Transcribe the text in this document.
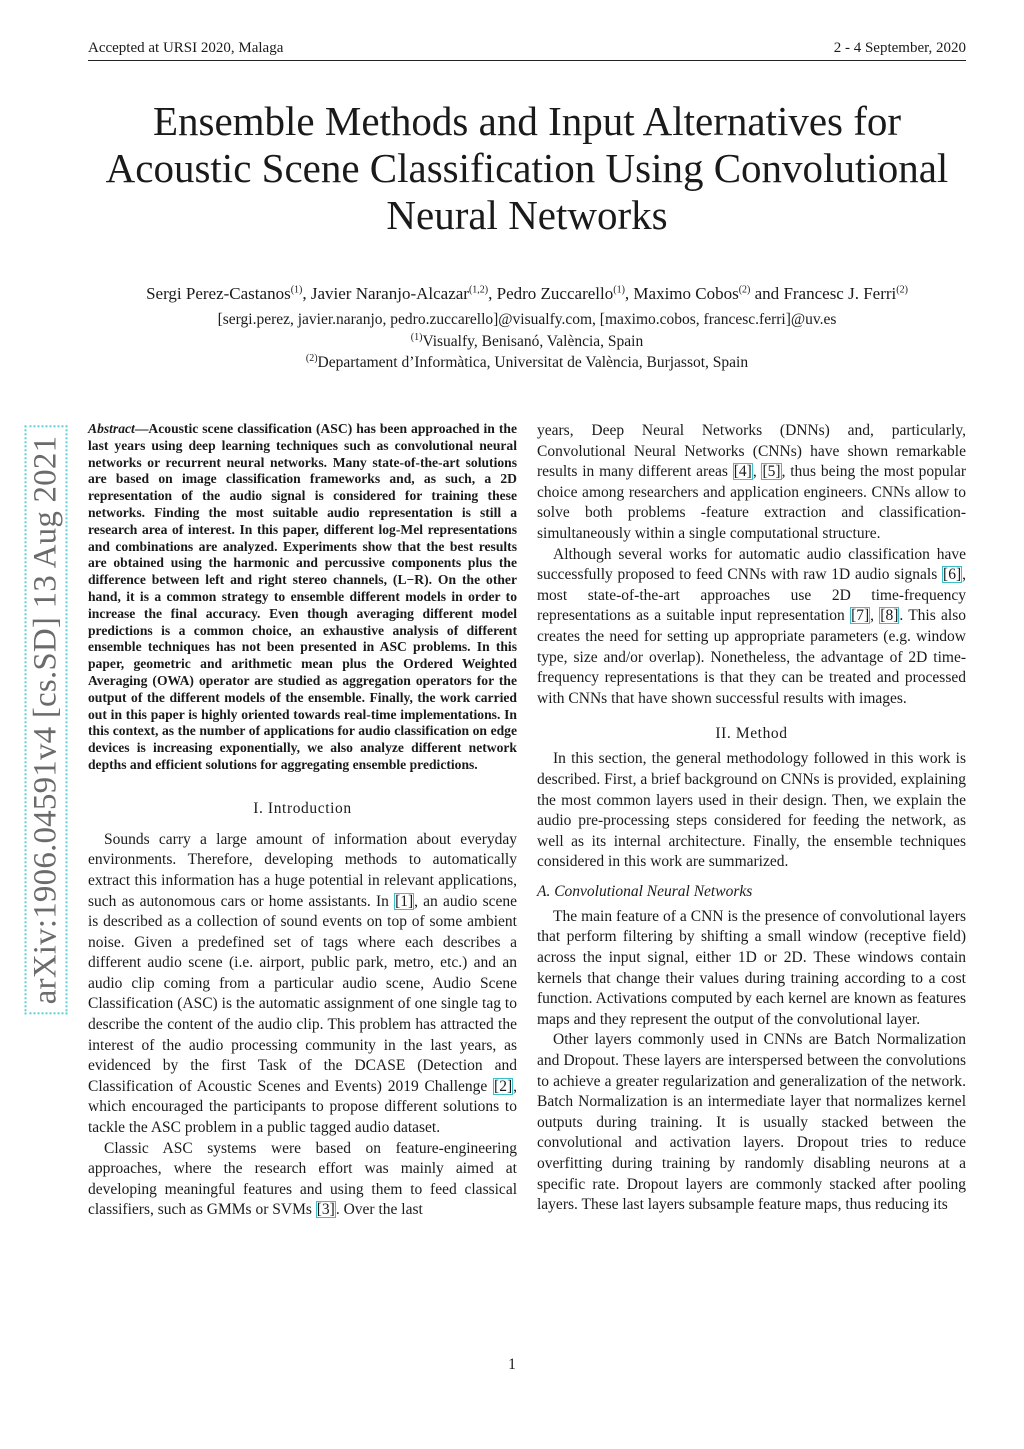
Accepted at URSI 2020, Malaga	2 - 4 September, 2020
Ensemble Methods and Input Alternatives for
Acoustic Scene Classification Using Convolutional
Neural Networks
Sergi Perez-Castanos$^{(1)}$, Javier Naranjo-Alcazar$^{(1,2)}$, Pedro Zuccarello$^{(1)}$, Maximo Cobos$^{(2)}$ and Francesc J. Ferri$^{(2)}$
[sergi.perez, javier.naranjo, pedro.zuccarello]@visualfy.com, [maximo.cobos, francesc.ferri]@uv.es
$^{(1)}$Visualfy, Benisanó, València, Spain
$^{(2)}$Departament d’Informàtica, Universitat de València, Burjassot, Spain
arXiv:1906.04591v4 [cs.SD] 13 Aug 2021
Abstract—Acoustic scene classification (ASC) has been approached in the last years using deep learning techniques such as convolutional neural networks or recurrent neural networks. Many state-of-the-art solutions are based on image classification frameworks and, as such, a 2D representation of the audio signal is considered for training these networks. Finding the most suitable audio representation is still a research area of interest. In this paper, different log-Mel representations and combinations are analyzed. Experiments show that the best results are obtained using the harmonic and percussive components plus the difference between left and right stereo channels, (L−R). On the other hand, it is a common strategy to ensemble different models in order to increase the final accuracy. Even though averaging different model predictions is a common choice, an exhaustive analysis of different ensemble techniques has not been presented in ASC problems. In this paper, geometric and arithmetic mean plus the Ordered Weighted Averaging (OWA) operator are studied as aggregation operators for the output of the different models of the ensemble. Finally, the work carried out in this paper is highly oriented towards real-time implementations. In this context, as the number of applications for audio classification on edge devices is increasing exponentially, we also analyze different network depths and efficient solutions for aggregating ensemble predictions.
I. Introduction

Sounds carry a large amount of information about everyday environments. Therefore, developing methods to automatically extract this information has a huge potential in relevant applications, such as autonomous cars or home assistants. In [1], an audio scene is described as a collection of sound events on top of some ambient noise. Given a predefined set of tags where each describes a different audio scene (i.e. airport, public park, metro, etc.) and an audio clip coming from a particular audio scene, Audio Scene Classification (ASC) is the automatic assignment of one single tag to describe the content of the audio clip. This problem has attracted the interest of the audio processing community in the last years, as evidenced by the first Task of the DCASE (Detection and Classification of Acoustic Scenes and Events) 2019 Challenge [2], which encouraged the participants to propose different solutions to tackle the ASC problem in a public tagged audio dataset.

Classic ASC systems were based on feature-engineering approaches, where the research effort was mainly aimed at developing meaningful features and using them to feed classical classifiers, such as GMMs or SVMs [3]. Over the last

years, Deep Neural Networks (DNNs) and, particularly, Convolutional Neural Networks (CNNs) have shown remarkable results in many different areas [4], [5], thus being the most popular choice among researchers and application engineers. CNNs allow to solve both problems -feature extraction and classification- simultaneously within a single computational structure.

Although several works for automatic audio classification have successfully proposed to feed CNNs with raw 1D audio signals [6], most state-of-the-art approaches use 2D time-frequency representations as a suitable input representation [7], [8]. This also creates the need for setting up appropriate parameters (e.g. window type, size and/or overlap). Nonetheless, the advantage of 2D time-frequency representations is that they can be treated and processed with CNNs that have shown successful results with images.

II. Method

In this section, the general methodology followed in this work is described. First, a brief background on CNNs is provided, explaining the most common layers used in their design. Then, we explain the audio pre-processing steps considered for feeding the network, as well as its internal architecture. Finally, the ensemble techniques considered in this work are summarized.

A. Convolutional Neural Networks

The main feature of a CNN is the presence of convolutional layers that perform filtering by shifting a small window (receptive field) across the input signal, either 1D or 2D. These windows contain kernels that change their values during training according to a cost function. Activations computed by each kernel are known as features maps and they represent the output of the convolutional layer.

Other layers commonly used in CNNs are Batch Normalization and Dropout. These layers are interspersed between the convolutions to achieve a greater regularization and generalization of the network. Batch Normalization is an intermediate layer that normalizes kernel outputs during training. It is usually stacked between the convolutional and activation layers. Dropout tries to reduce overfitting during training by randomly disabling neurons at a specific rate. Dropout layers are commonly stacked after pooling layers. These last layers subsample feature maps, thus reducing its

1
